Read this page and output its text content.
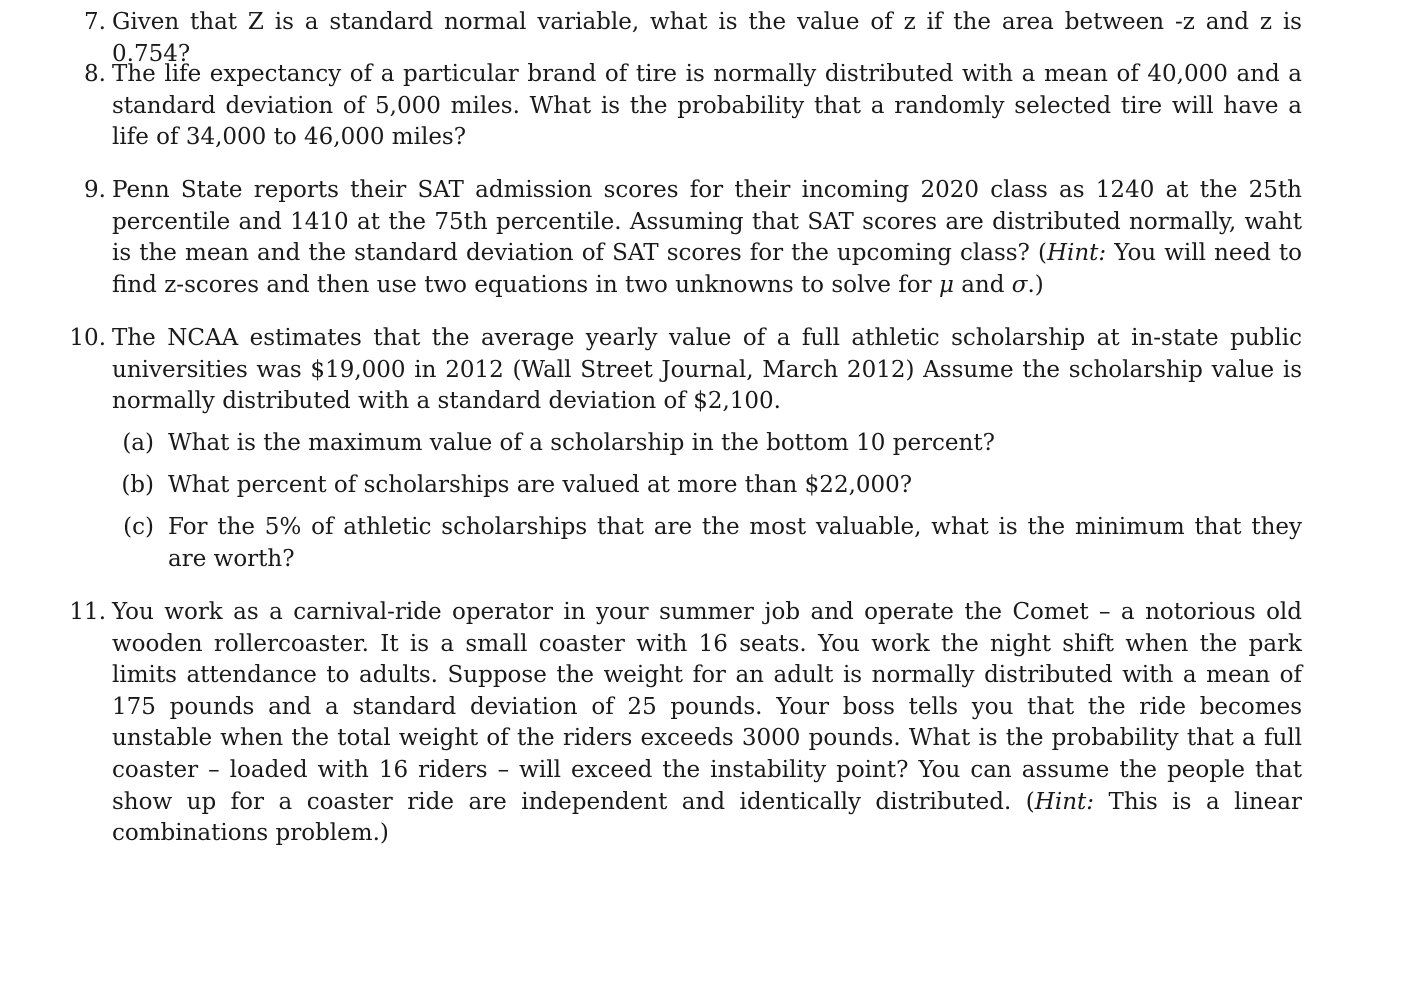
7. Given that Z is a standard normal variable, what is the value of z if the area between -z and z is 0.754?
8. The life expectancy of a particular brand of tire is normally distributed with a mean of 40,000 and a standard deviation of 5,000 miles. What is the probability that a randomly selected tire will have a life of 34,000 to 46,000 miles?
9. Penn State reports their SAT admission scores for their incoming 2020 class as 1240 at the 25th percentile and 1410 at the 75th percentile. Assuming that SAT scores are distributed normally, waht is the mean and the standard deviation of SAT scores for the upcoming class? (Hint: You will need to find z-scores and then use two equations in two unknowns to solve for μ and σ.)
10. The NCAA estimates that the average yearly value of a full athletic scholarship at in-state public universities was $19,000 in 2012 (Wall Street Journal, March 2012) Assume the scholarship value is normally distributed with a standard deviation of $2,100.
(a) What is the maximum value of a scholarship in the bottom 10 percent?
(b) What percent of scholarships are valued at more than $22,000?
(c) For the 5% of athletic scholarships that are the most valuable, what is the minimum that they are worth?
11. You work as a carnival-ride operator in your summer job and operate the Comet – a notorious old wooden rollercoaster. It is a small coaster with 16 seats. You work the night shift when the park limits attendance to adults. Suppose the weight for an adult is normally distributed with a mean of 175 pounds and a standard deviation of 25 pounds. Your boss tells you that the ride becomes unstable when the total weight of the riders exceeds 3000 pounds. What is the probability that a full coaster – loaded with 16 riders – will exceed the instability point? You can assume the people that show up for a coaster ride are independent and identically distributed. (Hint: This is a linear combinations problem.)
